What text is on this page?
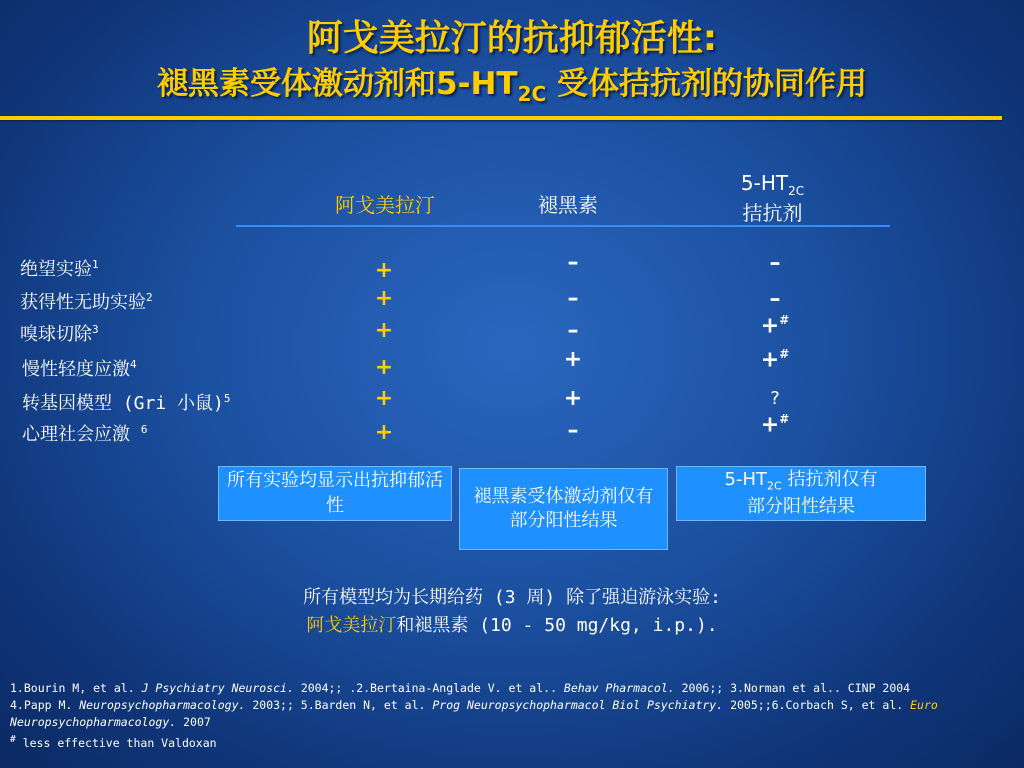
阿戈美拉汀的抗抑郁活性:
褪黑素受体激动剂和$5-HT_{2C}$ 受体拮抗剂的协同作用
阿戈美拉汀	褪黑素
$5-HT_{2C}$
拮抗剂
绝望实验$^1$	+	–	–
获得性无助实验$^2$	+	–	–
嗅球切除$^3$	+	–	+#
慢性轻度应激$^4$	+	+	+#
转基因模型 (Gri 小鼠)$^5$	+	+	?
心理社会应激 $^6$	+	–	+#
所有实验均显示出抗抑郁活性	褪黑素受体激动剂仅有
部分阳性结果
$5-HT_{2C}$ 拮抗剂仅有
部分阳性结果
所有模型均为长期给药 (3 周) 除了强迫游泳实验:
阿戈美拉汀和褪黑素 (10 - 50 mg/kg, i.p.).
1.Bourin M, et al. J Psychiatry Neurosci. 2004;; .2.Bertaina-Anglade V. et al.. Behav Pharmacol. 2006;; 3.Norman et al.. CINP 2004
4.Papp M. Neuropsychopharmacology. 2003;; 5.Barden N, et al. Prog Neuropsychopharmacol Biol Psychiatry. 2005;;6.Corbach S, et al. Euro
Neuropsychopharmacology. 2007
# less effective than Valdoxan
